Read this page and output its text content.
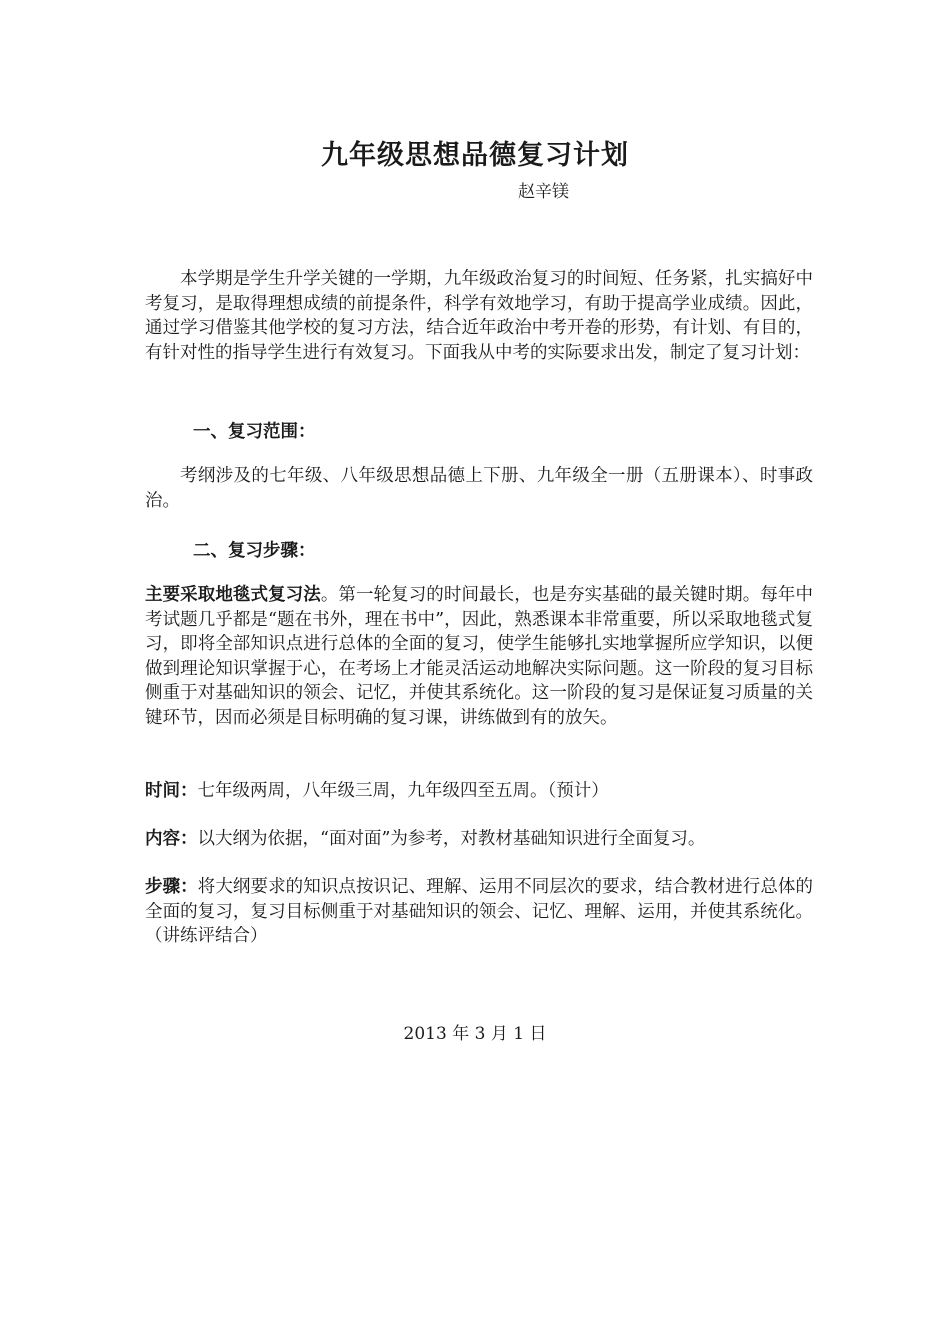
九年级思想品德复习计划
赵辛镁

本学期是学生升学关键的一学期，九年级政治复习的时间短、任务紧，扎实搞好中考复习，是取得理想成绩的前提条件，科学有效地学习，有助于提高学业成绩。因此， 通过学习借鉴其他学校的复习方法，结合近年政治中考开卷的形势，有计划、有目的，有针对性的指导学生进行有效复习。下面我从中考的实际要求出发，制定了复习计划：

一、复习范围：

考纲涉及的七年级、八年级思想品德上下册、九年级全一册（五册课本）、时事政治。

二、复习步骤：

主要采取地毯式复习法。第一轮复习的时间最长，也是夯实基础的最关键时期。每年中考试题几乎都是“题在书外，理在书中”，因此，熟悉课本非常重要，所以采取地毯式复习，即将全部知识点进行总体的全面的复习，使学生能够扎实地掌握所应学知识，以便做到理论知识掌握于心，在考场上才能灵活运动地解决实际问题。这一阶段的复习目标侧重于对基础知识的领会、记忆，并使其系统化。这一阶段的复习是保证复习质量的关键环节，因而必须是目标明确的复习课，讲练做到有的放矢。

时间：七年级两周，八年级三周，九年级四至五周。（预计）

内容：以大纲为依据，“面对面”为参考，对教材基础知识进行全面复习。

步骤：将大纲要求的知识点按识记、理解、运用不同层次的要求，结合教材进行总体的全面的复习，复习目标侧重于对基础知识的领会、记忆、理解、运用，并使其系统化。（讲练评结合）

2013 年 3 月 1 日
